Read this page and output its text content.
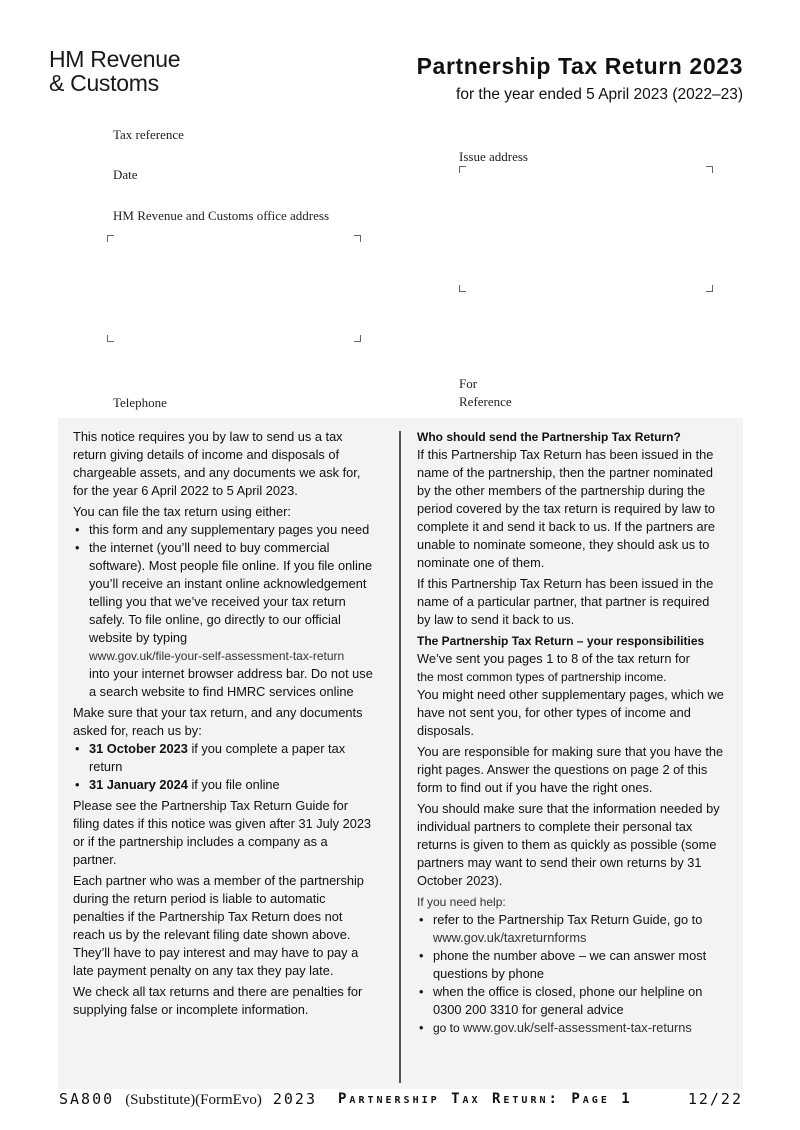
HM Revenue
& Customs
Partnership Tax Return 2023
for the year ended 5 April 2023 (2022–23)
Tax reference
Date
HM Revenue and Customs office address
Telephone
Issue address
For
Reference

This notice requires you by law to send us a tax return giving details of income and disposals of chargeable assets, and any documents we ask for, for the year 6 April 2022 to 5 April 2023.

You can file the tax return using either:

• this form and any supplementary pages you need
• the internet (you’ll need to buy commercial software). Most people file online. If you file online you’ll receive an instant online acknowledgement telling you that we’ve received your tax return safely. To file online, go directly to our official website by typing
www.gov.uk/file-your-self-assessment-tax-return
into your internet browser address bar. Do not use a search website to find HMRC services online

Make sure that your tax return, and any documents asked for, reach us by:

• 31 October 2023 if you complete a paper tax return
• 31 January 2024 if you file online

Please see the Partnership Tax Return Guide for filing dates if this notice was given after 31 July 2023 or if the partnership includes a company as a partner.

Each partner who was a member of the partnership during the return period is liable to automatic penalties if the Partnership Tax Return does not reach us by the relevant filing date shown above. They’ll have to pay interest and may have to pay a late payment penalty on any tax they pay late.

We check all tax returns and there are penalties for supplying false or incomplete information.

Who should send the Partnership Tax Return?

If this Partnership Tax Return has been issued in the name of the partnership, then the partner nominated by the other members of the partnership during the period covered by the tax return is required by law to complete it and send it back to us. If the partners are unable to nominate someone, they should ask us to nominate one of them.

If this Partnership Tax Return has been issued in the name of a particular partner, that partner is required by law to send it back to us.

The Partnership Tax Return – your responsibilities

We’ve sent you pages 1 to 8 of the tax return for
the most common types of partnership income.

You might need other supplementary pages, which we have not sent you, for other types of income and disposals.

You are responsible for making sure that you have the right pages. Answer the questions on page 2 of this form to find out if you have the right ones.

You should make sure that the information needed by individual partners to complete their personal tax returns is given to them as quickly as possible (some partners may want to send their own returns by 31 October 2023).

If you need help:
• refer to the Partnership Tax Return Guide, go to www.gov.uk/taxreturnforms
• phone the number above – we can answer most questions by phone
• when the office is closed, phone our helpline on 0300 200 3310 for general advice
• go to www.gov.uk/self-assessment-tax-returns
SA800 (Substitute)(FormEvo) 2023 Partnership Tax Return: Page 1	12/22
